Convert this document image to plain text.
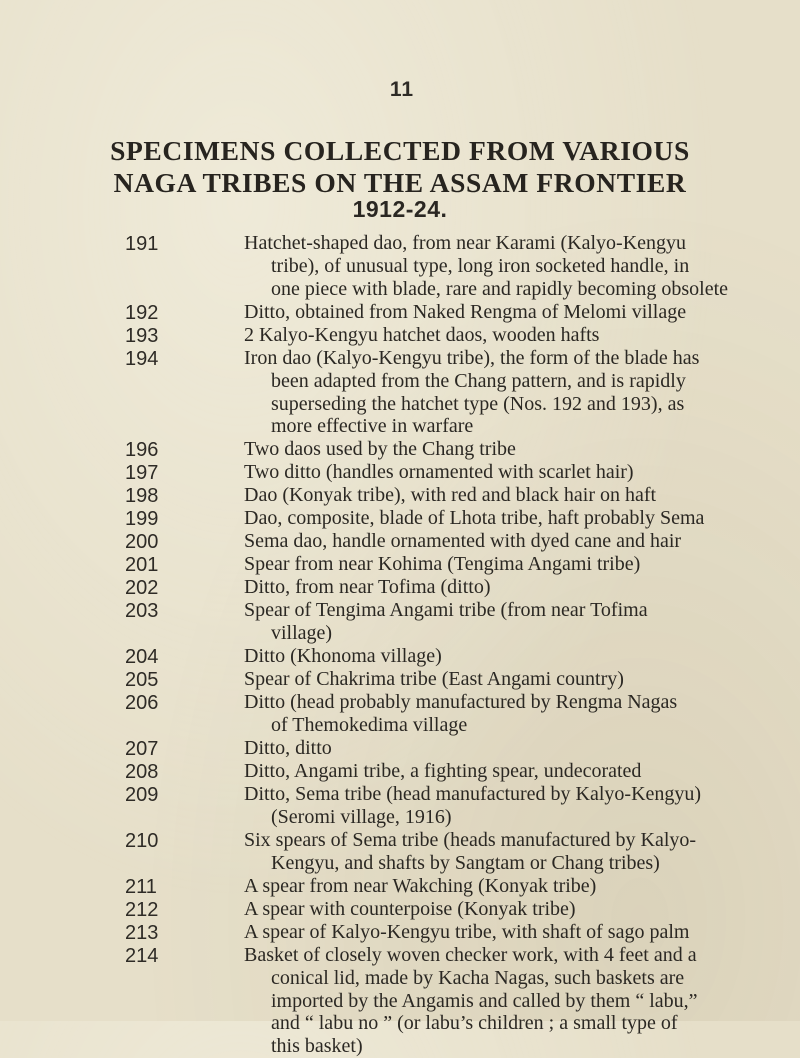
11
SPECIMENS COLLECTED FROM VARIOUS
NAGA TRIBES ON THE ASSAM FRONTIER
1912-24.
191	Hatchet-shaped dao, from near Karami (Kalyo-Kengyu
tribe), of unusual type, long iron socketed handle, in
one piece with blade, rare and rapidly becoming obsolete
192	Ditto, obtained from Naked Rengma of Melomi village
193	2 Kalyo-Kengyu hatchet daos, wooden hafts
194	Iron dao (Kalyo-Kengyu tribe), the form of the blade has
been adapted from the Chang pattern, and is rapidly
superseding the hatchet type (Nos. 192 and 193), as
more effective in warfare
196	Two daos used by the Chang tribe
197	Two ditto (handles ornamented with scarlet hair)
198	Dao (Konyak tribe), with red and black hair on haft
199	Dao, composite, blade of Lhota tribe, haft probably Sema
200	Sema dao, handle ornamented with dyed cane and hair
201	Spear from near Kohima (Tengima Angami tribe)
202	Ditto, from near Tofima (ditto)
203	Spear of Tengima Angami tribe (from near Tofima
village)
204	Ditto (Khonoma village)
205	Spear of Chakrima tribe (East Angami country)
206	Ditto (head probably manufactured by Rengma Nagas
of Themokedima village
207	Ditto, ditto
208	Ditto, Angami tribe, a fighting spear, undecorated
209	Ditto, Sema tribe (head manufactured by Kalyo-Kengyu)
(Seromi village, 1916)
210	Six spears of Sema tribe (heads manufactured by Kalyo-
Kengyu, and shafts by Sangtam or Chang tribes)
211	A spear from near Wakching (Konyak tribe)
212	A spear with counterpoise (Konyak tribe)
213	A spear of Kalyo-Kengyu tribe, with shaft of sago palm
214	Basket of closely woven checker work, with 4 feet and a
conical lid, made by Kacha Nagas, such baskets are
imported by the Angamis and called by them “ labu,”
and “ labu no ” (or labu’s children ; a small type of
this basket)
